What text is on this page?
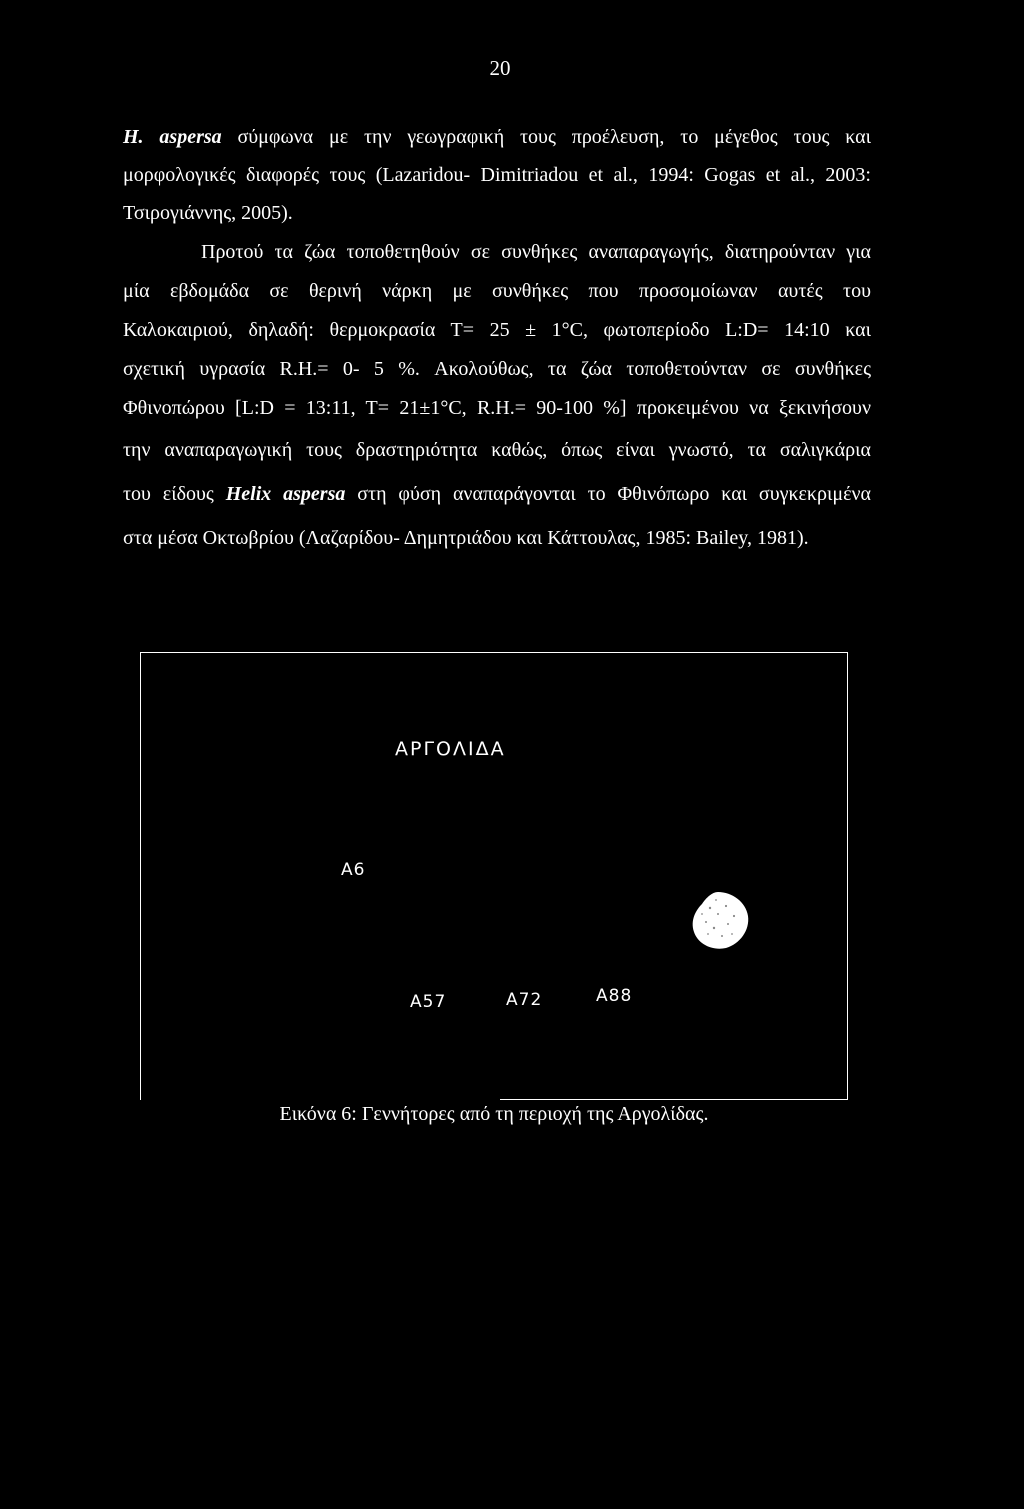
20
H. aspersa σύμφωνα με την γεωγραφική τους προέλευση, το μέγεθος τους και
μορφολογικές διαφορές τους (Lazaridou- Dimitriadou et al., 1994: Gogas et al., 2003:
Τσιρογιάννης, 2005).
Προτού τα ζώα τοποθετηθούν σε συνθήκες αναπαραγωγής, διατηρούνταν για
μία εβδομάδα σε θερινή νάρκη με συνθήκες που προσομοίωναν αυτές του
Καλοκαιριού, δηλαδή: θερμοκρασία Τ= 25 ± 1°C, φωτοπερίοδο L:D= 14:10 και
σχετική υγρασία R.H.= 0- 5 %. Ακολούθως, τα ζώα τοποθετούνταν σε συνθήκες
Φθινοπώρου [L:D = 13:11, T= 21±1°C, R.H.= 90-100 %] προκειμένου να ξεκινήσουν
την αναπαραγωγική τους δραστηριότητα καθώς, όπως είναι γνωστό, τα σαλιγκάρια
του είδους Helix aspersa στη φύση αναπαράγονται το Φθινόπωρο και συγκεκριμένα
στα μέσα Οκτωβρίου (Λαζαρίδου- Δημητριάδου και Κάττουλας, 1985: Bailey, 1981).
ΑΡΓΟΛΙΔΑ
Α6
Α57	Α72	Α88
Εικόνα 6: Γεννήτορες από τη περιοχή της Αργολίδας.
